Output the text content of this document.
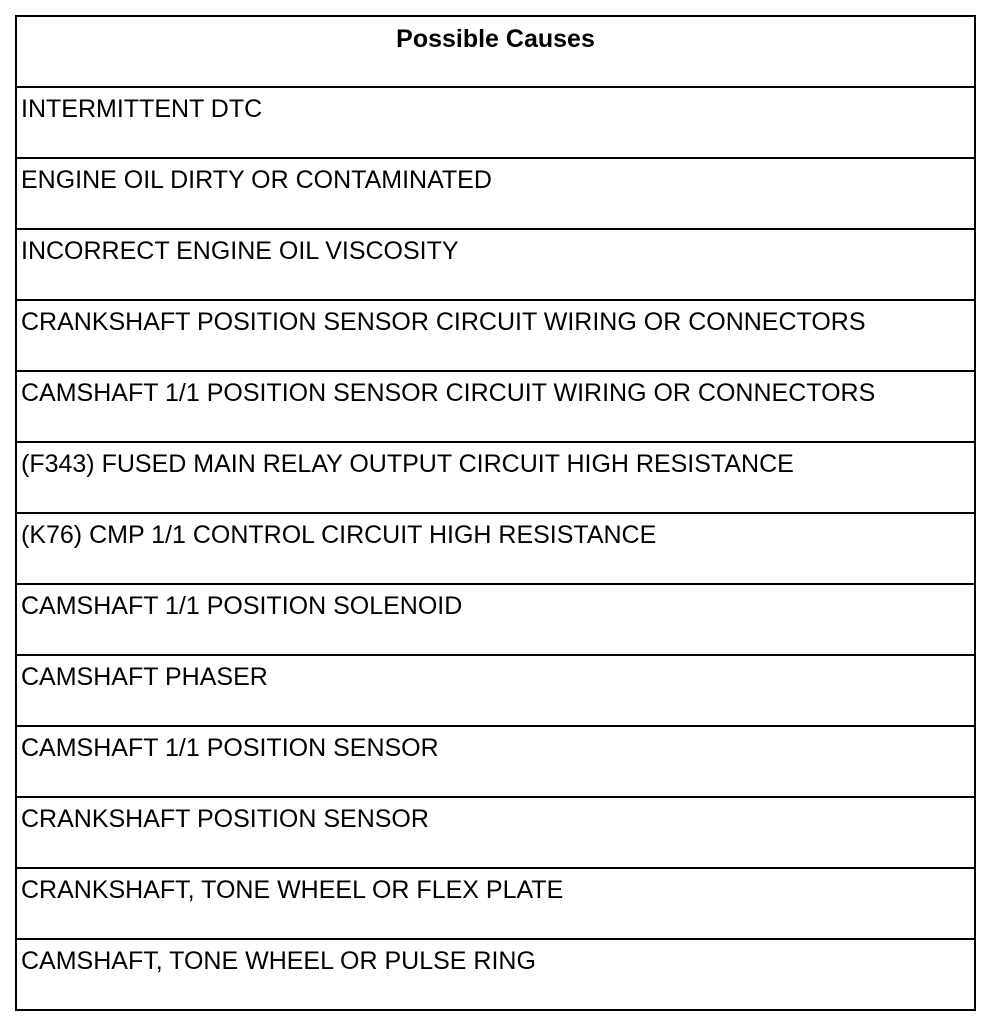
Possible Causes
INTERMITTENT DTC
ENGINE OIL DIRTY OR CONTAMINATED
INCORRECT ENGINE OIL VISCOSITY
CRANKSHAFT POSITION SENSOR CIRCUIT WIRING OR CONNECTORS
CAMSHAFT 1/1 POSITION SENSOR CIRCUIT WIRING OR CONNECTORS
(F343) FUSED MAIN RELAY OUTPUT CIRCUIT HIGH RESISTANCE
(K76) CMP 1/1 CONTROL CIRCUIT HIGH RESISTANCE
CAMSHAFT 1/1 POSITION SOLENOID
CAMSHAFT PHASER
CAMSHAFT 1/1 POSITION SENSOR
CRANKSHAFT POSITION SENSOR
CRANKSHAFT, TONE WHEEL OR FLEX PLATE
CAMSHAFT, TONE WHEEL OR PULSE RING
